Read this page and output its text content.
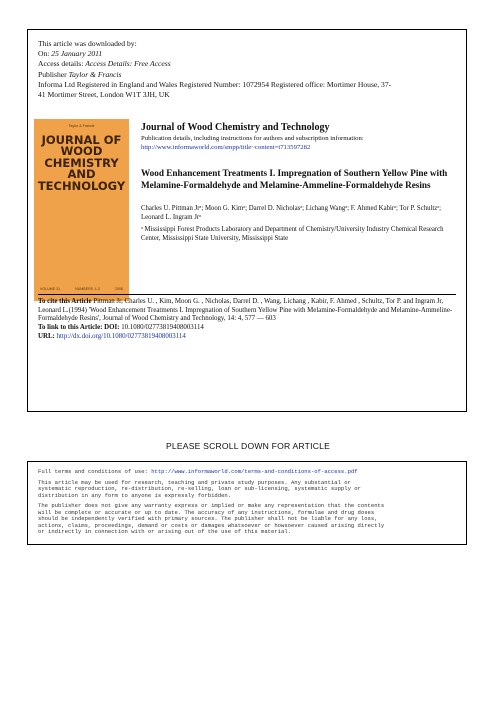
This article was downloaded by:
On: 25 January 2011
Access details: Access Details: Free Access
Publisher Taylor & Francis
Informa Ltd Registered in England and Wales Registered Number: 1072954 Registered office: Mortimer House, 37-
41 Mortimer Street, London W1T 3JH, UK
Taylor & Francis
JOURNAL OF
WOOD
CHEMISTRY
AND
TECHNOLOGY
VOLUME 31	NUMBERS 1–2	2008
Journal of Wood Chemistry and Technology
Publication details, including instructions for authors and subscription information:
http://www.informaworld.com/smpp/title~content=t713597282
Wood Enhancement Treatments I. Impregnation of Southern Yellow Pine with Melamine-Formaldehyde and Melamine-Ammeline-Formaldehyde Resins
Charles U. Pittman Jrᵃ; Moon G. Kimᵃ; Darrel D. Nicholasᵃ; Lichang Wangᵃ; F. Ahmed Kabirᵃ; Tor P. Schultzᵃ; Leonard L. Ingram Jrᵃ
ᵃ Mississippi Forest Products Laboratory and Department of Chemistry/University Industry Chemical Research Center, Mississippi State University, Mississippi State
To cite this Article Pittman Jr, Charles U. , Kim, Moon G. , Nicholas, Darrel D. , Wang, Lichang , Kabir, F. Ahmed , Schultz, Tor P. and Ingram Jr, Leonard L.(1994) 'Wood Enhancement Treatments I. Impregnation of Southern Yellow Pine with Melamine-Formaldehyde and Melamine-Ammeline-Formaldehyde Resins', Journal of Wood Chemistry and Technology, 14: 4, 577 — 603
To link to this Article: DOI: 10.1080/02773819408003114
URL: http://dx.doi.org/10.1080/02773819408003114
PLEASE SCROLL DOWN FOR ARTICLE

Full terms and conditions of use: http://www.informaworld.com/terms-and-conditions-of-access.pdf

This article may be used for research, teaching and private study purposes. Any substantial or
systematic reproduction, re-distribution, re-selling, loan or sub-licensing, systematic supply or
distribution in any form to anyone is expressly forbidden.

The publisher does not give any warranty express or implied or make any representation that the contents
will be complete or accurate or up to date. The accuracy of any instructions, formulae and drug doses
should be independently verified with primary sources. The publisher shall not be liable for any loss,
actions, claims, proceedings, demand or costs or damages whatsoever or howsoever caused arising directly
or indirectly in connection with or arising out of the use of this material.
